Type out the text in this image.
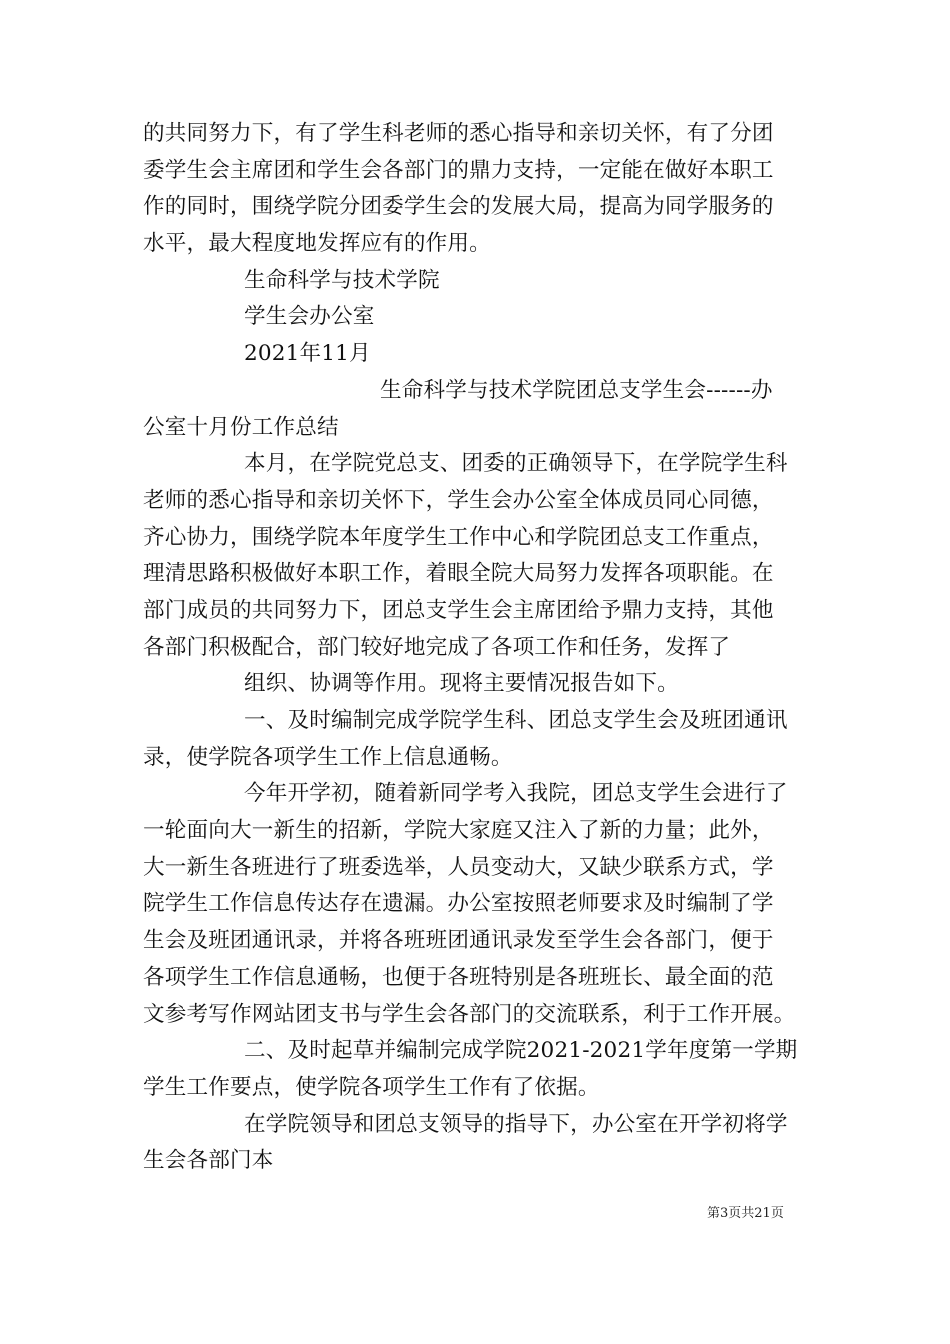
的共同努力下，有了学生科老师的悉心指导和亲切关怀，有了分团
委学生会主席团和学生会各部门的鼎力支持，一定能在做好本职工
作的同时，围绕学院分团委学生会的发展大局，提高为同学服务的
水平，最大程度地发挥应有的作用。
生命科学与技术学院
学生会办公室
2021年11月
生命科学与技术学院团总支学生会------办
公室十月份工作总结
本月，在学院党总支、团委的正确领导下，在学院学生科
老师的悉心指导和亲切关怀下，学生会办公室全体成员同心同德，
齐心协力，围绕学院本年度学生工作中心和学院团总支工作重点，
理清思路积极做好本职工作，着眼全院大局努力发挥各项职能。在
部门成员的共同努力下，团总支学生会主席团给予鼎力支持，其他
各部门积极配合，部门较好地完成了各项工作和任务，发挥了
组织、协调等作用。现将主要情况报告如下。
一、及时编制完成学院学生科、团总支学生会及班团通讯
录，使学院各项学生工作上信息通畅。
今年开学初，随着新同学考入我院，团总支学生会进行了
一轮面向大一新生的招新，学院大家庭又注入了新的力量；此外，
大一新生各班进行了班委选举，人员变动大，又缺少联系方式，学
院学生工作信息传达存在遗漏。办公室按照老师要求及时编制了学
生会及班团通讯录，并将各班班团通讯录发至学生会各部门，便于
各项学生工作信息通畅，也便于各班特别是各班班长、最全面的范
文参考写作网站团支书与学生会各部门的交流联系，利于工作开展。
二、及时起草并编制完成学院2021-2021学年度第一学期
学生工作要点，使学院各项学生工作有了依据。
在学院领导和团总支领导的指导下，办公室在开学初将学
生会各部门本
第3页共21页
